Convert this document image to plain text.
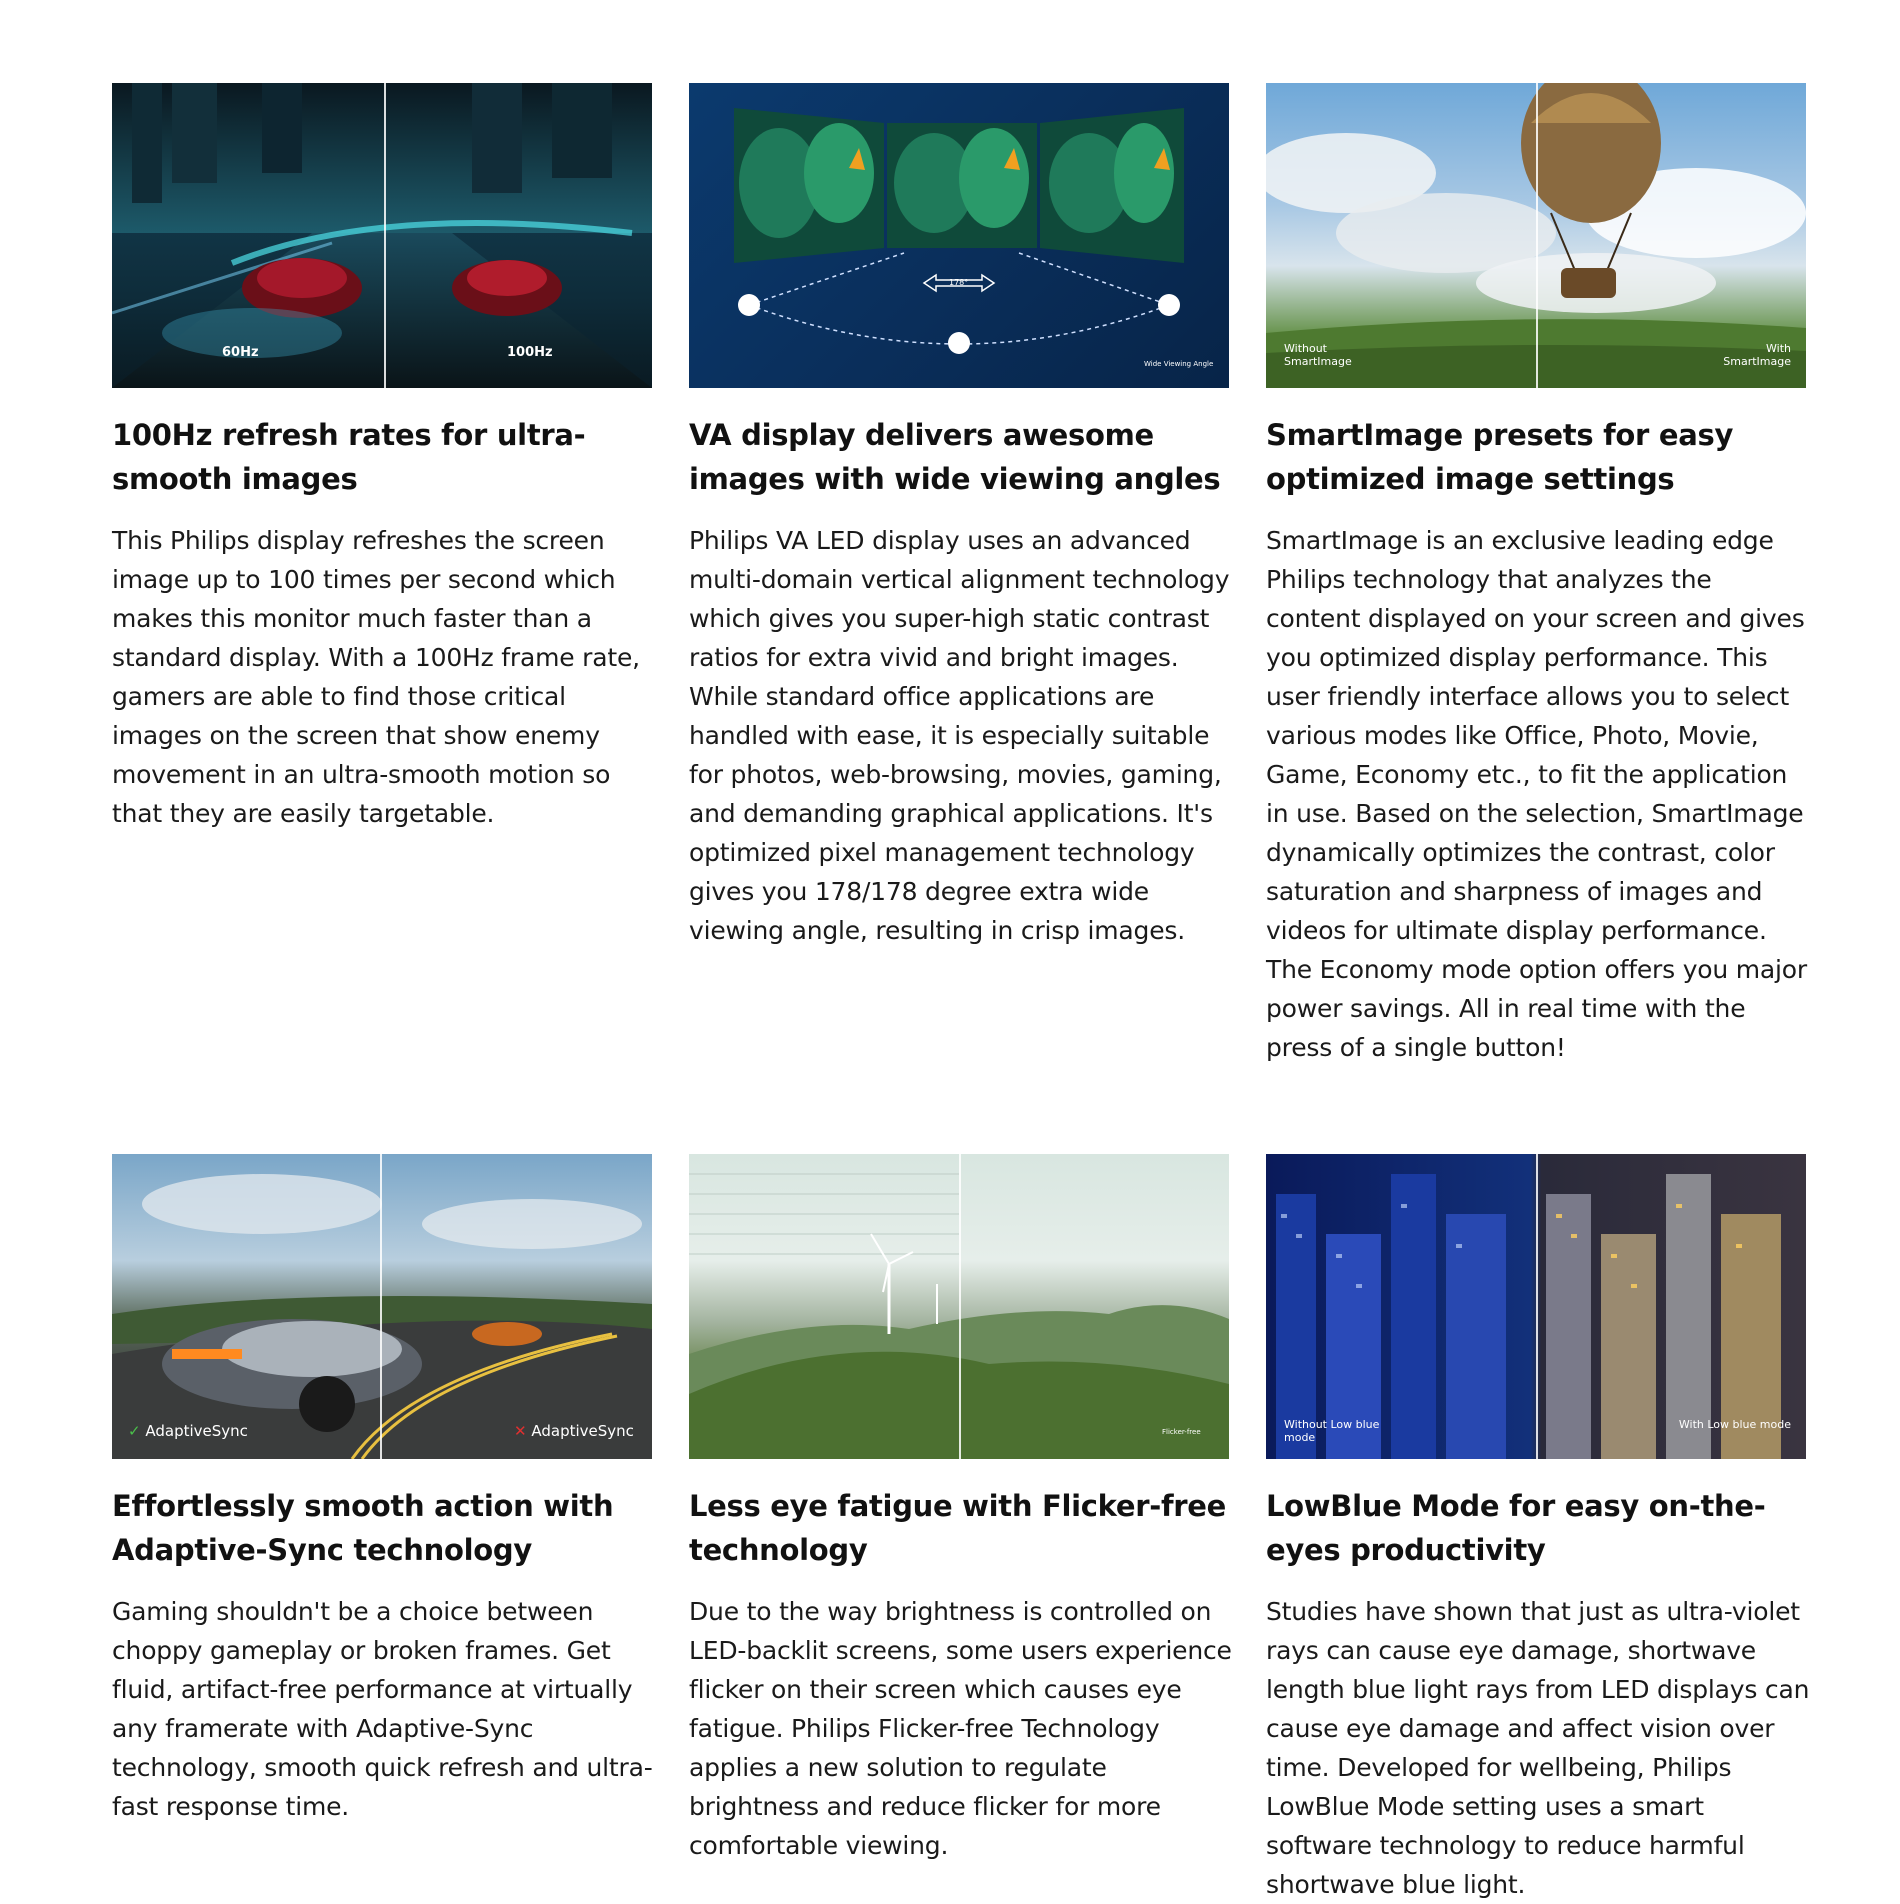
60Hz	100Hz
100Hz refresh rates for ultra-smooth images

This Philips display refreshes the screen image up to 100 times per second which makes this monitor much faster than a standard display. With a 100Hz frame rate, gamers are able to find those critical images on the screen that show enemy movement in an ultra-smooth motion so that they are easily targetable.

178°
Wide Viewing Angle
VA display delivers awesome images with wide viewing angles

Philips VA LED display uses an advanced multi-domain vertical alignment technology which gives you super-high static contrast ratios for extra vivid and bright images. While standard office applications are handled with ease, it is especially suitable for photos, web-browsing, movies, gaming, and demanding graphical applications. It's optimized pixel management technology gives you 178/178 degree extra wide viewing angle, resulting in crisp images.

Without SmartImage
With SmartImage
SmartImage presets for easy optimized image settings

SmartImage is an exclusive leading edge Philips technology that analyzes the content displayed on your screen and gives you optimized display performance. This user friendly interface allows you to select various modes like Office, Photo, Movie, Game, Economy etc., to fit the application in use. Based on the selection, SmartImage dynamically optimizes the contrast, color saturation and sharpness of images and videos for ultimate display performance. The Economy mode option offers you major power savings. All in real time with the press of a single button!

✓ AdaptiveSync	✕ AdaptiveSync
Effortlessly smooth action with Adaptive-Sync technology

Gaming shouldn't be a choice between choppy gameplay or broken frames. Get fluid, artifact-free performance at virtually any framerate with Adaptive-Sync technology, smooth quick refresh and ultra-fast response time.

Flicker-free
Less eye fatigue with Flicker-free technology

Due to the way brightness is controlled on LED-backlit screens, some users experience flicker on their screen which causes eye fatigue. Philips Flicker-free Technology applies a new solution to regulate brightness and reduce flicker for more comfortable viewing.

Without Low blue mode
With Low blue mode
LowBlue Mode for easy on-the-eyes productivity

Studies have shown that just as ultra-violet rays can cause eye damage, shortwave length blue light rays from LED displays can cause eye damage and affect vision over time. Developed for wellbeing, Philips LowBlue Mode setting uses a smart software technology to reduce harmful shortwave blue light.
